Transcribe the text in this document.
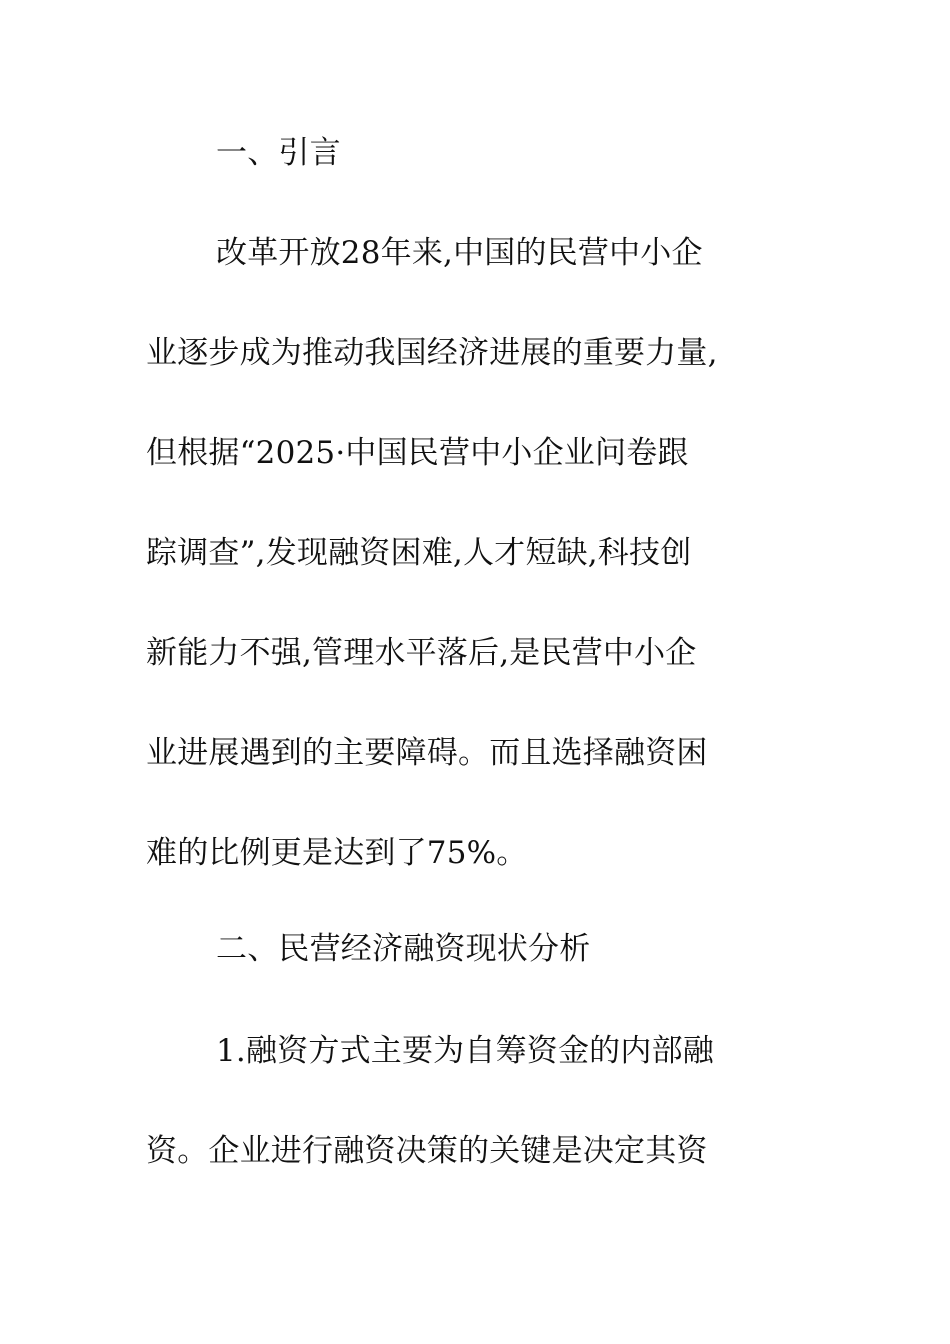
一、引言
改革开放28年来,中国的民营中小企
业逐步成为推动我国经济进展的重要力量,
但根据“2025·中国民营中小企业问卷跟
踪调查”,发现融资困难,人才短缺,科技创
新能力不强,管理水平落后,是民营中小企
业进展遇到的主要障碍。而且选择融资困
难的比例更是达到了75%。
二、民营经济融资现状分析
1.融资方式主要为自筹资金的内部融
资。企业进行融资决策的关键是决定其资
